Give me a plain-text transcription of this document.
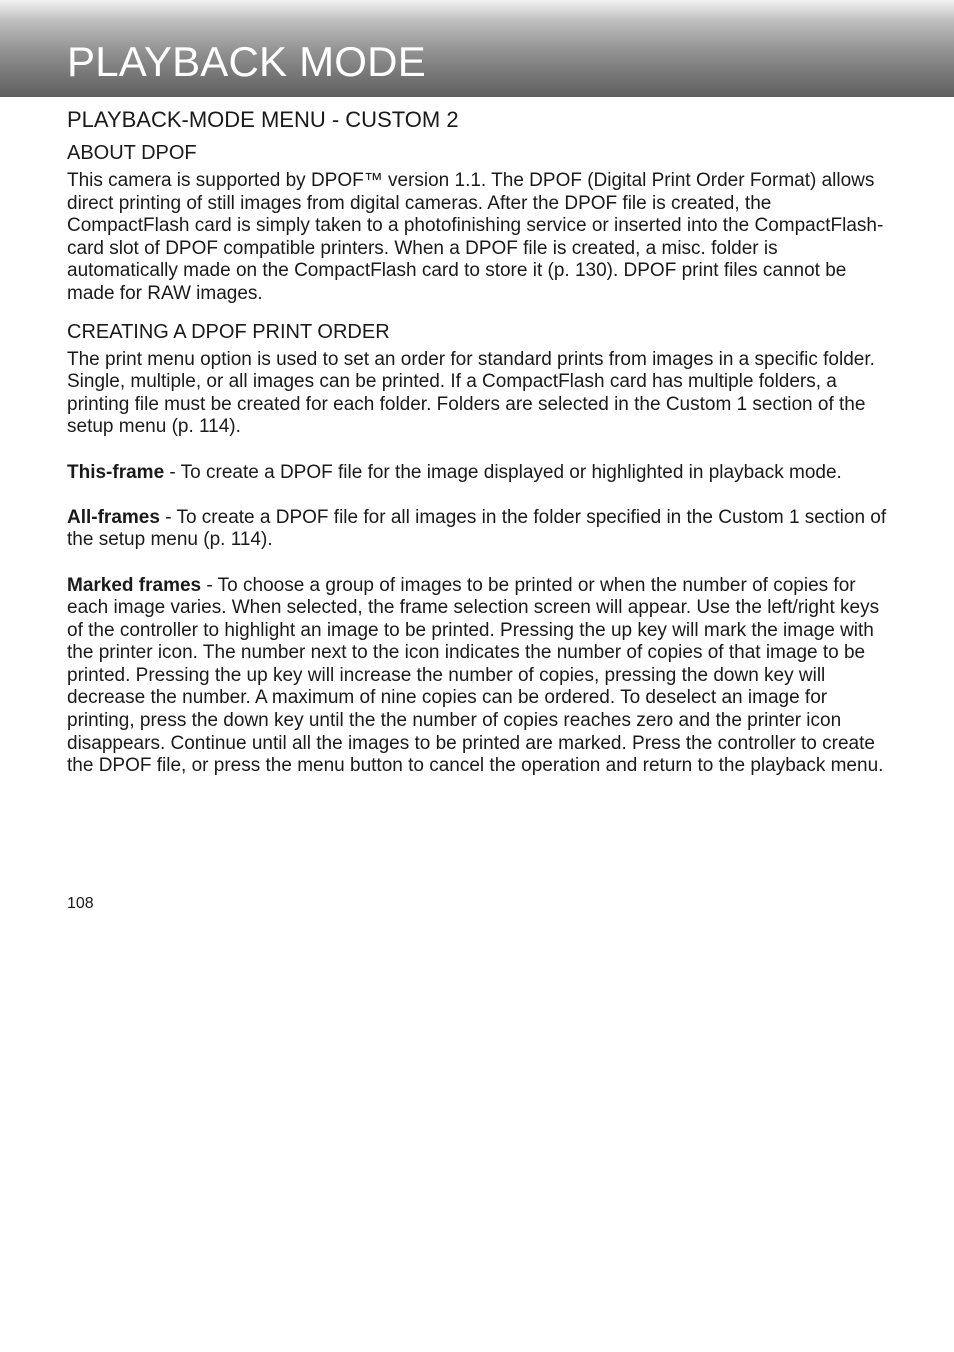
PLAYBACK MODE
PLAYBACK-MODE MENU - CUSTOM 2
ABOUT DPOF

This camera is supported by DPOF™ version 1.1. The DPOF (Digital Print Order Format) allows direct printing of still images from digital cameras. After the DPOF file is created, the CompactFlash card is simply taken to a photofinishing service or inserted into the CompactFlash-card slot of DPOF compatible printers. When a DPOF file is created, a misc. folder is automatically made on the CompactFlash card to store it (p. 130). DPOF print files cannot be made for RAW images.

CREATING A DPOF PRINT ORDER

The print menu option is used to set an order for standard prints from images in a specific folder. Single, multiple, or all images can be printed. If a CompactFlash card has multiple folders, a printing file must be created for each folder. Folders are selected in the Custom 1 section of the setup menu (p. 114).

This-frame - To create a DPOF file for the image displayed or highlighted in playback mode.

All-frames - To create a DPOF file for all images in the folder specified in the Custom 1 section of the setup menu (p. 114).

Marked frames - To choose a group of images to be printed or when the number of copies for each image varies. When selected, the frame selection screen will appear. Use the left/right keys of the controller to highlight an image to be printed. Pressing the up key will mark the image with the printer icon. The number next to the icon indicates the number of copies of that image to be printed. Pressing the up key will increase the number of copies, pressing the down key will decrease the number. A maximum of nine copies can be ordered. To deselect an image for printing, press the down key until the the number of copies reaches zero and the printer icon disappears. Continue until all the images to be printed are marked. Press the controller to create the DPOF file, or press the menu button to cancel the operation and return to the playback menu.

108
